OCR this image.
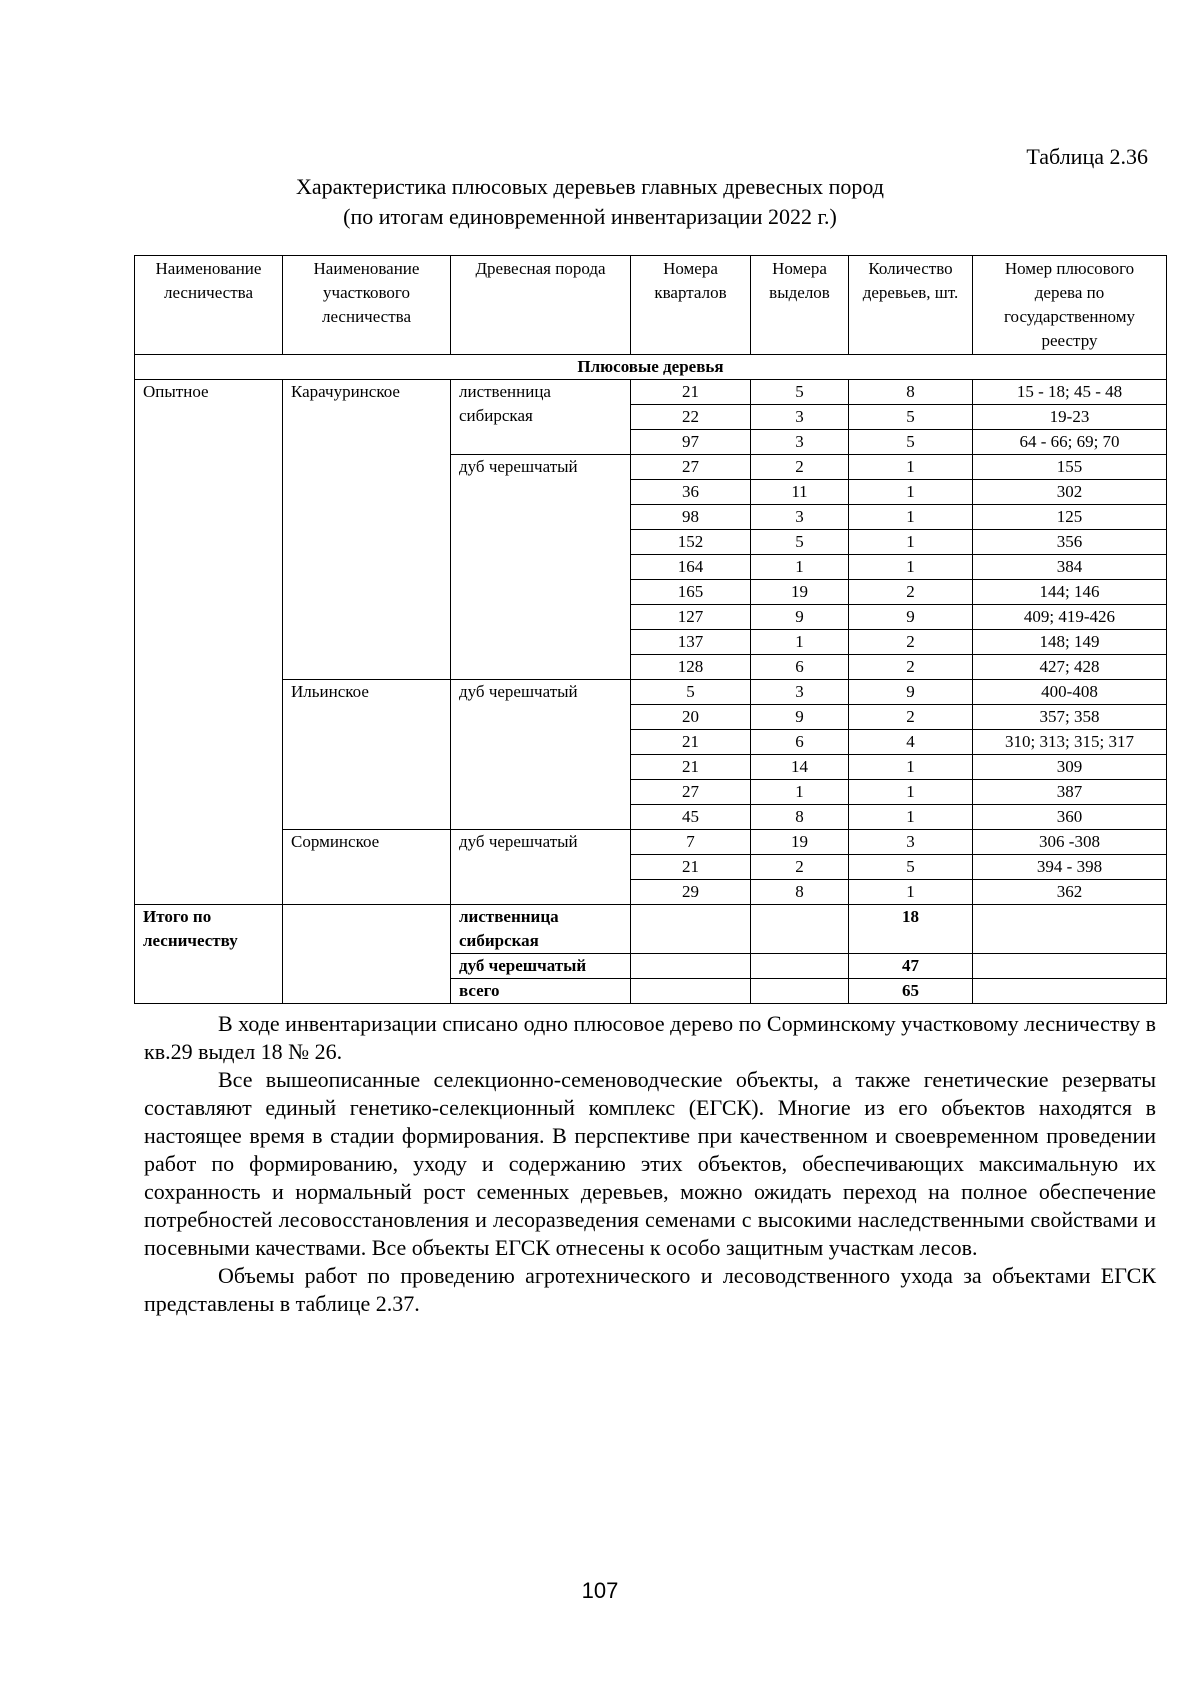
Таблица 2.36
Характеристика плюсовых деревьев главных древесных пород
(по итогам единовременной инвентаризации 2022 г.)
Наименование лесничества	Наименование участкового лесничества	Древесная порода	Номера кварталов	Номера выделов	Количество деревьев, шт.	Номер плюсового дерева по государственному реестру
Плюсовые деревья						
Опытное	Карачуринское	лиственница сибирская	21	5	8	15 - 18; 45 - 48
			22	3	5	19-23
			97	3	5	64 - 66; 69; 70
		дуб черешчатый	27	2	1	155
			36	11	1	302
			98	3	1	125
			152	5	1	356
			164	1	1	384
			165	19	2	144; 146
			127	9	9	409; 419-426
			137	1	2	148; 149
			128	6	2	427; 428
	Ильинское	дуб черешчатый	5	3	9	400-408
			20	9	2	357; 358
			21	6	4	310; 313; 315; 317
			21	14	1	309
			27	1	1	387
			45	8	1	360
	Сорминское	дуб черешчатый	7	19	3	306 -308
			21	2	5	394 - 398
			29	8	1	362
Итого по лесничеству		лиственница сибирская			18	
		дуб черешчатый			47	
		всего			65	

В ходе инвентаризации списано одно плюсовое дерево по Сорминскому участковому лесничеству в кв.29 выдел 18 № 26.

Все вышеописанные селекционно-семеноводческие объекты, а также генетические резерваты составляют единый генетико-селекционный комплекс (ЕГСК). Многие из его объектов находятся в настоящее время в стадии формирования. В перспективе при качественном и своевременном проведении работ по формированию, уходу и содержанию этих объектов, обеспечивающих максимальную их сохранность и нормальный рост семенных деревьев, можно ожидать переход на полное обеспечение потребностей лесовосстановления и лесоразведения семенами с высокими наследственными свойствами и посевными качествами. Все объекты ЕГСК отнесены к особо защитным участкам лесов.

Объемы работ по проведению агротехнического и лесоводственного ухода за объектами ЕГСК представлены в таблице 2.37.

107
